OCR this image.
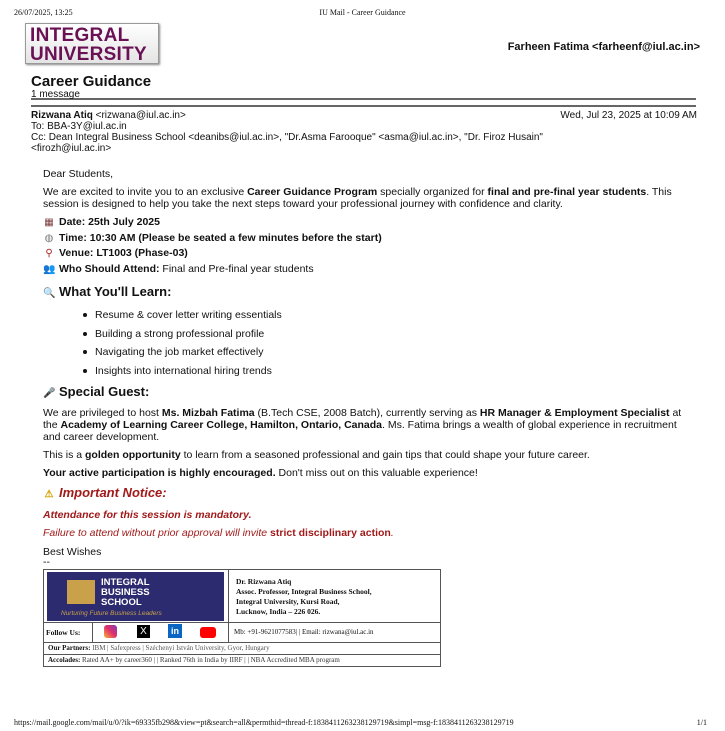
26/07/2025, 13:25	IU Mail - Career Guidance
INTEGRAL
UNIVERSITY	Farheen Fatima <farheenf@iul.ac.in>
Career Guidance
1 message
Rizwana Atiq <rizwana@iul.ac.in>	Wed, Jul 23, 2025 at 10:09 AM
To: BBA-3Y@iul.ac.in
Cc: Dean Integral Business School <deanibs@iul.ac.in>, "Dr.Asma Farooque" <asma@iul.ac.in>, "Dr. Firoz Husain"
<firozh@iul.ac.in>

Dear Students,

We are excited to invite you to an exclusive Career Guidance Program specially organized for final and pre-final year students. This session is designed to help you take the next steps toward your professional journey with confidence and clarity.

▦ Date: 25th July 2025
◍ Time: 10:30 AM (Please be seated a few minutes before the start)
⚲ Venue: LT1003 (Phase-03)
👥 Who Should Attend: Final and Pre-final year students
🔍 What You'll Learn:
Resume & cover letter writing essentials
Building a strong professional profile
Navigating the job market effectively
Insights into international hiring trends
🎤 Special Guest:

We are privileged to host Ms. Mizbah Fatima (B.Tech CSE, 2008 Batch), currently serving as HR Manager & Employment Specialist at the Academy of Learning Career College, Hamilton, Ontario, Canada. Ms. Fatima brings a wealth of global experience in recruitment and career development.

This is a golden opportunity to learn from a seasoned professional and gain tips that could shape your future career.

Your active participation is highly encouraged. Don't miss out on this valuable experience!

⚠ Important Notice:

Attendance for this session is mandatory.

Failure to attend without prior approval will invite strict disciplinary action.

Best Wishes

--

INTEGRAL
BUSINESS
SCHOOL
Nurturing Future Business Leaders
Dr. Rizwana Atiq
Assoc. Professor, Integral Business School,
Integral University, Kursi Road,
Lucknow, India – 226 026.
Follow Us:	X	in	Mb: +91-9621077583| | Email: rizwana@iul.ac.in
Our Partners: IBM | Safexpress | Széchenyi István University, Gyor, Hungary
Accolades: Rated AA+ by career360 | | Ranked 76th in India by IIRF | | NBA Accredited MBA program
https://mail.google.com/mail/u/0/?ik=69335fb298&view=pt&search=all&permthid=thread-f:1838411263238129719&simpl=msg-f:1838411263238129719	1/1
